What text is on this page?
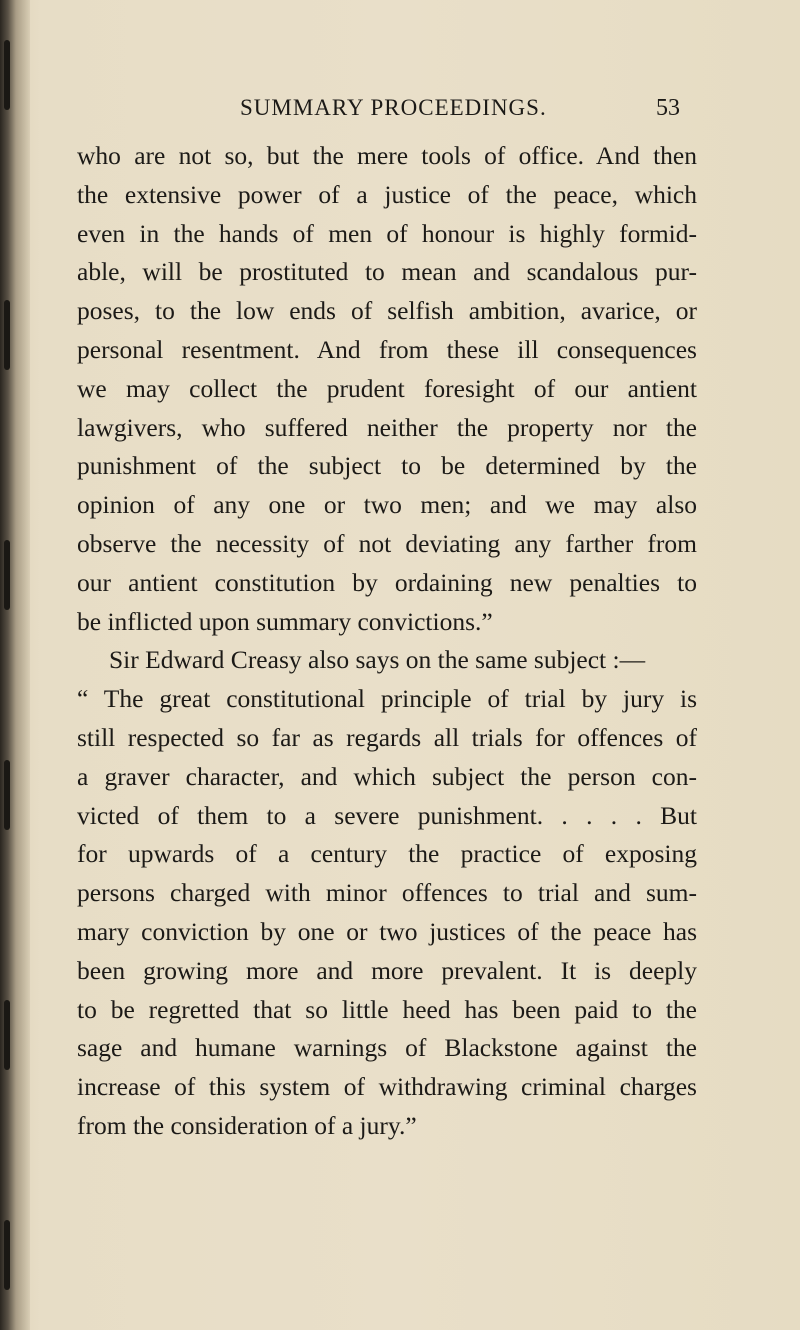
SUMMARY PROCEEDINGS.	53
who are not so, but the mere tools of office. And then
the extensive power of a justice of the peace, which
even in the hands of men of honour is highly formid-
able, will be prostituted to mean and scandalous pur-
poses, to the low ends of selfish ambition, avarice, or
personal resentment. And from these ill consequences
we may collect the prudent foresight of our antient
lawgivers, who suffered neither the property nor the
punishment of the subject to be determined by the
opinion of any one or two men; and we may also
observe the necessity of not deviating any farther from
our antient constitution by ordaining new penalties to
be inflicted upon summary convictions.”
Sir Edward Creasy also says on the same subject :—
“ The great constitutional principle of trial by jury is
still respected so far as regards all trials for offences of
a graver character, and which subject the person con-
victed of them to a severe punishment. . . . . But
for upwards of a century the practice of exposing
persons charged with minor offences to trial and sum-
mary conviction by one or two justices of the peace has
been growing more and more prevalent. It is deeply
to be regretted that so little heed has been paid to the
sage and humane warnings of Blackstone against the
increase of this system of withdrawing criminal charges
from the consideration of a jury.”
